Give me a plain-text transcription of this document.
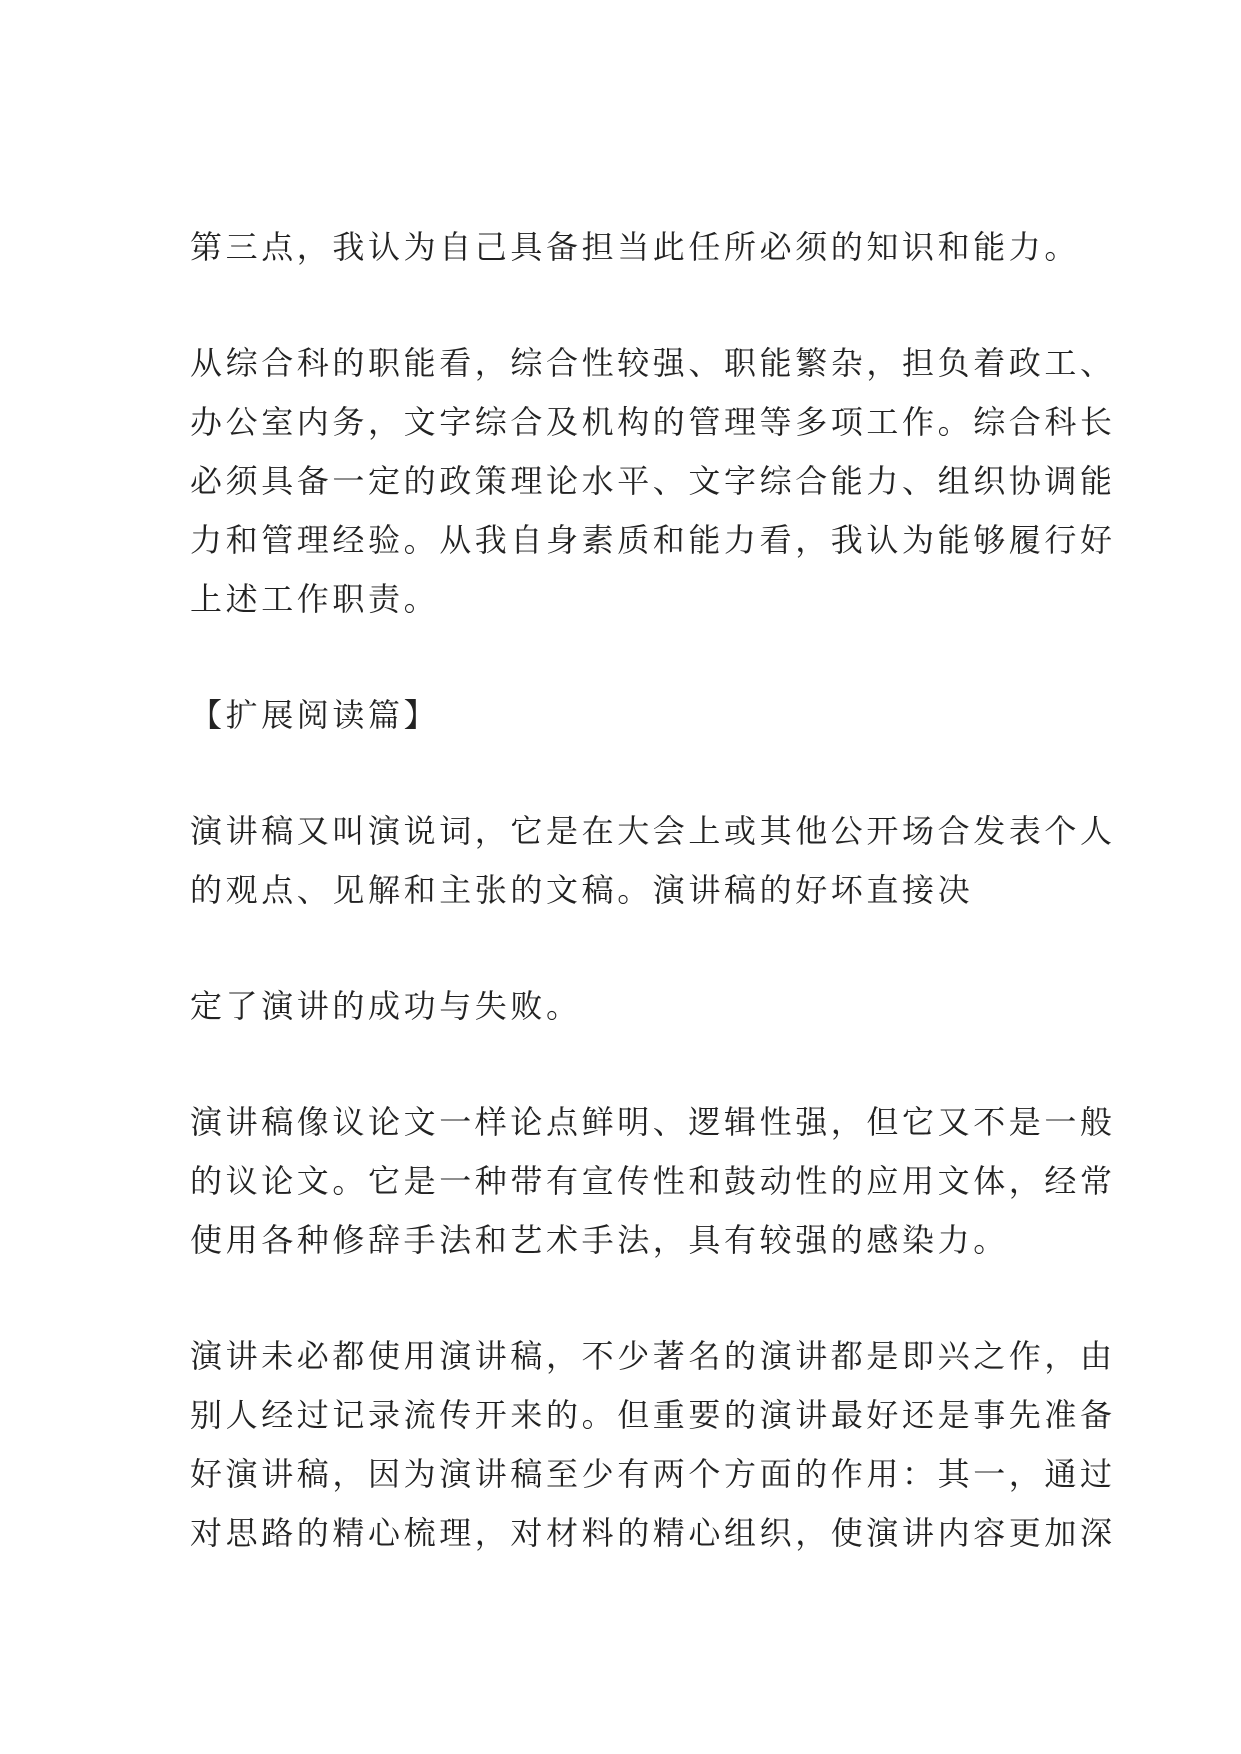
第三点，我认为自己具备担当此任所必须的知识和能力。
从综合科的职能看，综合性较强、职能繁杂，担负着政工、
办公室内务，文字综合及机构的管理等多项工作。综合科长
必须具备一定的政策理论水平、文字综合能力、组织协调能
力和管理经验。从我自身素质和能力看，我认为能够履行好
上述工作职责。
【扩展阅读篇】
演讲稿又叫演说词，它是在大会上或其他公开场合发表个人
的观点、见解和主张的文稿。演讲稿的好坏直接决
定了演讲的成功与失败。
演讲稿像议论文一样论点鲜明、逻辑性强，但它又不是一般
的议论文。它是一种带有宣传性和鼓动性的应用文体，经常
使用各种修辞手法和艺术手法，具有较强的感染力。
演讲未必都使用演讲稿，不少著名的演讲都是即兴之作，由
别人经过记录流传开来的。但重要的演讲最好还是事先准备
好演讲稿，因为演讲稿至少有两个方面的作用：其一，通过
对思路的精心梳理，对材料的精心组织，使演讲内容更加深
